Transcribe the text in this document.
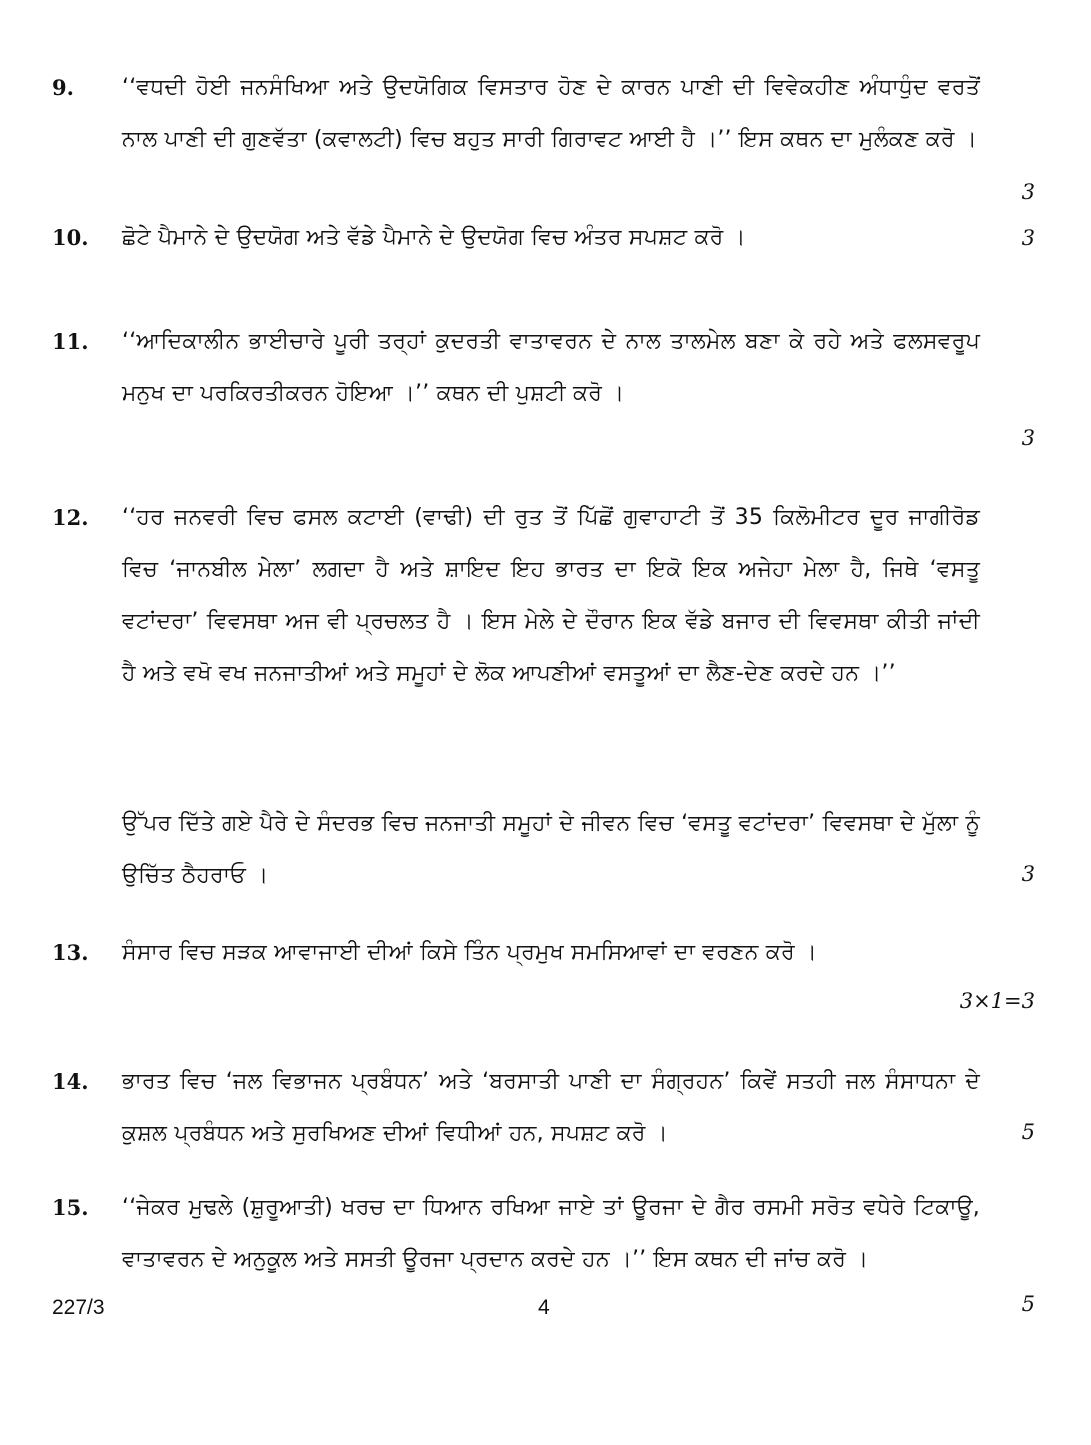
9. ‘‘ਵਧਦੀ ਹੋਈ ਜਨਸੰਖਿਆ ਅਤੇ ਉਦਯੋਗਿਕ ਵਿਸਤਾਰ ਹੋਣ ਦੇ ਕਾਰਨ ਪਾਣੀ ਦੀ ਵਿਵੇਕਹੀਣ ਅੰਧਾਧੁੰਦ ਵਰਤੋਂ ਨਾਲ ਪਾਣੀ ਦੀ ਗੁਣਵੱਤਾ (ਕਵਾਲਟੀ) ਵਿਚ ਬਹੁਤ ਸਾਰੀ ਗਿਰਾਵਟ ਆਈ ਹੈ ।’’ ਇਸ ਕਥਨ ਦਾ ਮੁਲੰਕਣ ਕਰੋ ।

3
10. ਛੋਟੇ ਪੈਮਾਨੇ ਦੇ ਉਦਯੋਗ ਅਤੇ ਵੱਡੇ ਪੈਮਾਨੇ ਦੇ ਉਦਯੋਗ ਵਿਚ ਅੰਤਰ ਸਪਸ਼ਟ ਕਰੋ ।	3
11. ‘‘ਆਦਿਕਾਲੀਨ ਭਾਈਚਾਰੇ ਪੂਰੀ ਤਰ੍ਹਾਂ ਕੁਦਰਤੀ ਵਾਤਾਵਰਨ ਦੇ ਨਾਲ ਤਾਲਮੇਲ ਬਣਾ ਕੇ ਰਹੇ ਅਤੇ ਫਲਸਵਰੂਪ ਮਨੁਖ ਦਾ ਪਰਕਿਰਤੀਕਰਨ ਹੋਇਆ ।’’ ਕਥਨ ਦੀ ਪੁਸ਼ਟੀ ਕਰੋ ।

3
12. ‘‘ਹਰ ਜਨਵਰੀ ਵਿਚ ਫਸਲ ਕਟਾਈ (ਵਾਢੀ) ਦੀ ਰੁਤ ਤੋਂ ਪਿੱਛੋਂ ਗੁਵਾਹਾਟੀ ਤੋਂ 35 ਕਿਲੋਮੀਟਰ ਦੂਰ ਜਾਗੀਰੋਡ ਵਿਚ ‘ਜਾਨਬੀਲ ਮੇਲਾ’ ਲਗਦਾ ਹੈ ਅਤੇ ਸ਼ਾਇਦ ਇਹ ਭਾਰਤ ਦਾ ਇਕੋ ਇਕ ਅਜੇਹਾ ਮੇਲਾ ਹੈ, ਜਿਥੇ ‘ਵਸਤੂ ਵਟਾਂਦਰਾ’ ਵਿਵਸਥਾ ਅਜ ਵੀ ਪ੍ਰਚਲਤ ਹੈ । ਇਸ ਮੇਲੇ ਦੇ ਦੌਰਾਨ ਇਕ ਵੱਡੇ ਬਜਾਰ ਦੀ ਵਿਵਸਥਾ ਕੀਤੀ ਜਾਂਦੀ ਹੈ ਅਤੇ ਵਖੋ ਵਖ ਜਨਜਾਤੀਆਂ ਅਤੇ ਸਮੂਹਾਂ ਦੇ ਲੋਕ ਆਪਣੀਆਂ ਵਸਤੂਆਂ ਦਾ ਲੈਣ-ਦੇਣ ਕਰਦੇ ਹਨ ।’’

ਉੱਪਰ ਦਿੱਤੇ ਗਏ ਪੈਰੇ ਦੇ ਸੰਦਰਭ ਵਿਚ ਜਨਜਾਤੀ ਸਮੂਹਾਂ ਦੇ ਜੀਵਨ ਵਿਚ ‘ਵਸਤੂ ਵਟਾਂਦਰਾ’ ਵਿਵਸਥਾ ਦੇ ਮੁੱਲਾ ਨੂੰ ਉਚਿੱਤ ਠੈਹਰਾਓ ।	3
13. ਸੰਸਾਰ ਵਿਚ ਸੜਕ ਆਵਾਜਾਈ ਦੀਆਂ ਕਿਸੇ ਤਿੰਨ ਪ੍ਰਮੁਖ ਸਮਸਿਆਵਾਂ ਦਾ ਵਰਣਨ ਕਰੋ ।

3×1=3
14. ਭਾਰਤ ਵਿਚ ‘ਜਲ ਵਿਭਾਜਨ ਪ੍ਰਬੰਧਨ’ ਅਤੇ ‘ਬਰਸਾਤੀ ਪਾਣੀ ਦਾ ਸੰਗ੍ਰਹਨ’ ਕਿਵੇਂ ਸਤਹੀ ਜਲ ਸੰਸਾਧਨਾ ਦੇ ਕੁਸ਼ਲ ਪ੍ਰਬੰਧਨ ਅਤੇ ਸੁਰਖਿਅਣ ਦੀਆਂ ਵਿਧੀਆਂ ਹਨ, ਸਪਸ਼ਟ ਕਰੋ ।	5
15. ‘‘ਜੇਕਰ ਮੁਢਲੇ (ਸ਼ੁਰੂਆਤੀ) ਖਰਚ ਦਾ ਧਿਆਨ ਰਖਿਆ ਜਾਏ ਤਾਂ ਊਰਜਾ ਦੇ ਗੈਰ ਰਸਮੀ ਸਰੋਤ ਵਧੇਰੇ ਟਿਕਾਊ, ਵਾਤਾਵਰਨ ਦੇ ਅਨੁਕੂਲ ਅਤੇ ਸਸਤੀ ਊਰਜਾ ਪ੍ਰਦਾਨ ਕਰਦੇ ਹਨ ।’’ ਇਸ ਕਥਨ ਦੀ ਜਾਂਚ ਕਰੋ ।

5
227/3	4
